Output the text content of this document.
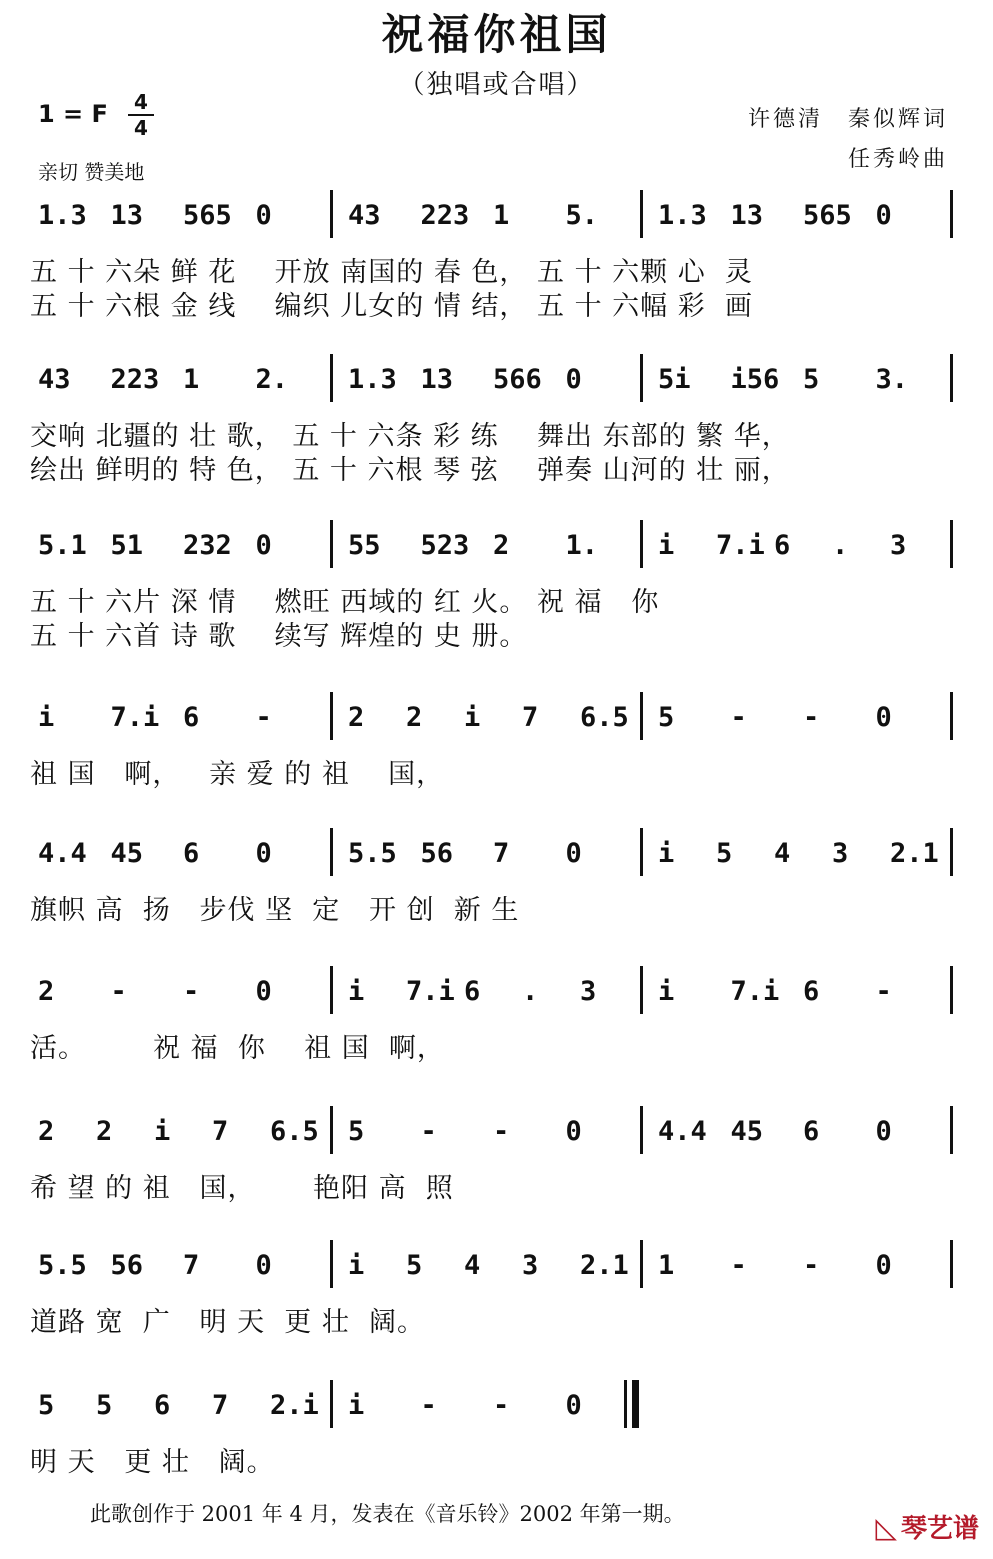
祝福你祖国
（独唱或合唱）
1 = F	4
4
亲切 赞美地
许德清　秦似辉词
任秀岭曲
1.3 13 565 0	43 223 1 5. 1.3 13 565 0
五 十 六朵 鲜 花    开放 南国的 春 色， 五 十 六颗 心  灵
五 十 六根 金 线    编织 儿女的 情 结， 五 十 六幅 彩  画
43 223 1 2. 1.3 13 566 0	5i i56 5 3.
交响 北疆的 壮 歌， 五 十 六条 彩 练    舞出 东部的 繁 华，
绘出 鲜明的 特 色， 五 十 六根 琴 弦    弹奏 山河的 壮 丽，
5.1 51 232 0	55 523 2 1. i 7.i 6 . 3
五 十 六片 深 情    燃旺 西域的 红 火。 祝 福   你
五 十 六首 诗 歌    续写 辉煌的 史 册。
i 7.i 6 -	2 2 i 7 6.5 5 - - 0
祖 国   啊，   亲 爱 的 祖    国，
4.4 45 6 0	5.5 56 7 0	i 5 4 3 2.1
旗帜 高  扬   步伐 坚  定   开 创  新 生
2 - - 0	i 7.i 6 . 3 i 7.i 6 -
活。       祝 福  你    祖 国  啊，
2 2 i 7 6.5 5 - - 0	4.4 45 6 0
希 望 的 祖   国，      艳阳 高  照
5.5 56 7 0	i 5 4 3 2.1 1 - - 0
道路 宽  广   明 天  更 壮  阔。
5 5 6 7 2.i i - - 0
明 天   更 壮   阔。
此歌创作于 2001 年 4 月，发表在《音乐铃》2002 年第一期。	◺ 琴艺谱
